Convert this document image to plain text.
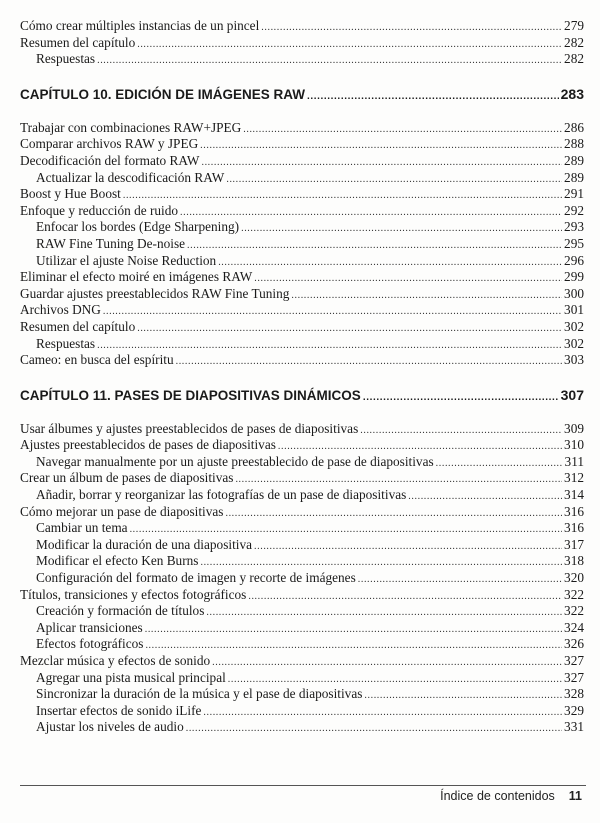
Cómo crear múltiples instancias de un pincel .....	279
Resumen del capítulo .....	282
Respuestas .....	282
CAPÍTULO 10. EDICIÓN DE IMÁGENES RAW .....	283
Trabajar con combinaciones RAW+JPEG .....	286
Comparar archivos RAW y JPEG .....	288
Decodificación del formato RAW .....	289
Actualizar la descodificación RAW .....	289
Boost y Hue Boost .....	291
Enfoque y reducción de ruido .....	292
Enfocar los bordes (Edge Sharpening) .....	293
RAW Fine Tuning De-noise .....	295
Utilizar el ajuste Noise Reduction .....	296
Eliminar el efecto moiré en imágenes RAW .....	299
Guardar ajustes preestablecidos RAW Fine Tuning .....	300
Archivos DNG .....	301
Resumen del capítulo .....	302
Respuestas .....	302
Cameo: en busca del espíritu .....	303
CAPÍTULO 11. PASES DE DIAPOSITIVAS DINÁMICOS .....	307
Usar álbumes y ajustes preestablecidos de pases de diapositivas .....	309
Ajustes preestablecidos de pases de diapositivas .....	310
Navegar manualmente por un ajuste preestablecido de pase de diapositivas .....	311
Crear un álbum de pases de diapositivas .....	312
Añadir, borrar y reorganizar las fotografías de un pase de diapositivas .....	314
Cómo mejorar un pase de diapositivas .....	316
Cambiar un tema .....	316
Modificar la duración de una diapositiva .....	317
Modificar el efecto Ken Burns .....	318
Configuración del formato de imagen y recorte de imágenes .....	320
Títulos, transiciones y efectos fotográficos .....	322
Creación y formación de títulos .....	322
Aplicar transiciones .....	324
Efectos fotográficos .....	326
Mezclar música y efectos de sonido .....	327
Agregar una pista musical principal .....	327
Sincronizar la duración de la música y el pase de diapositivas .....	328
Insertar efectos de sonido iLife .....	329
Ajustar los niveles de audio .....	331
Índice de contenidos 11
